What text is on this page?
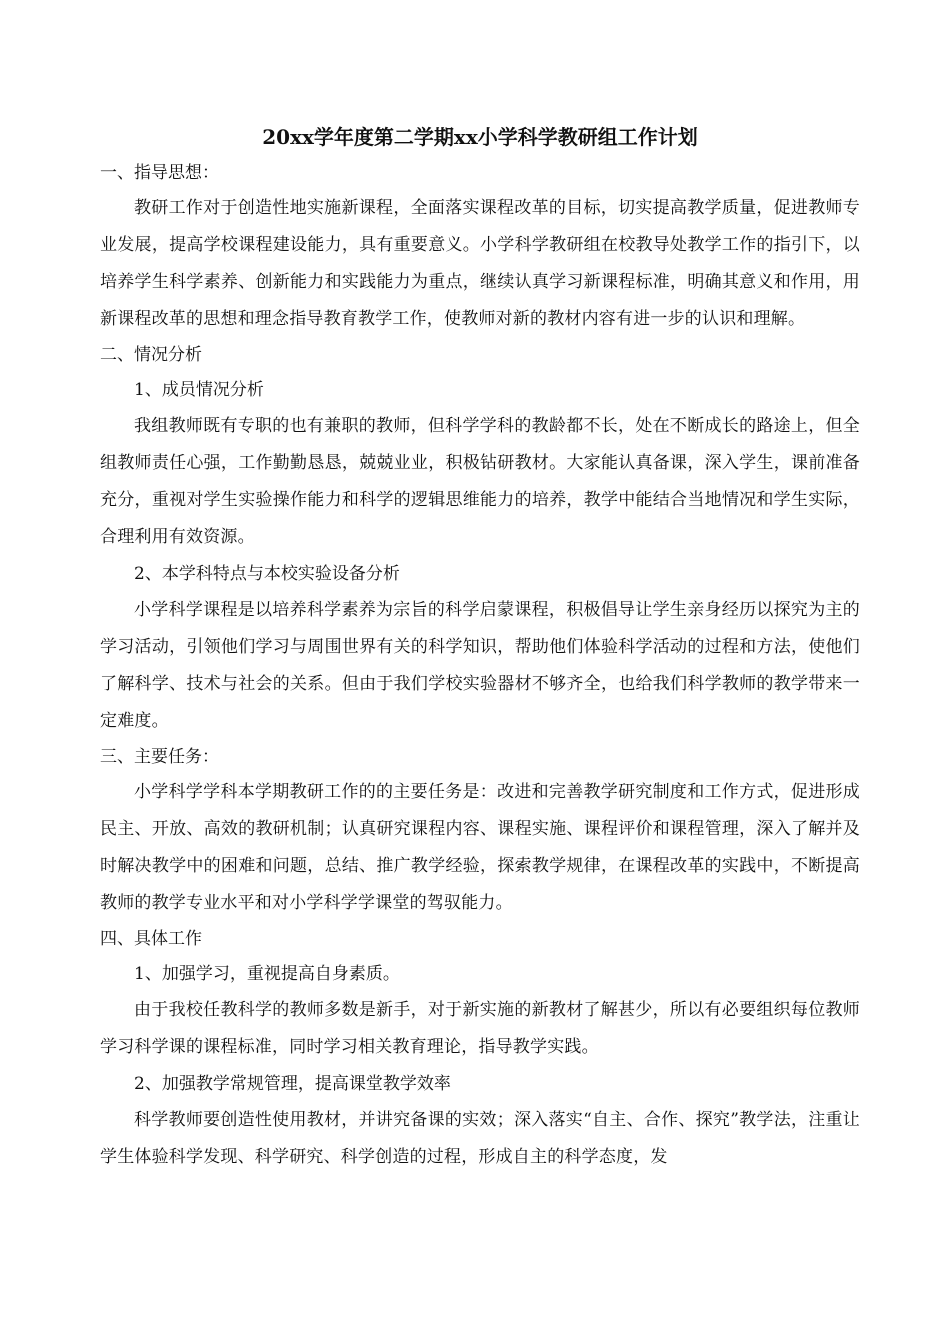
20xx学年度第二学期xx小学科学教研组工作计划
一、指导思想：

教研工作对于创造性地实施新课程，全面落实课程改革的目标，切实提高教学质量，促进教师专业发展，提高学校课程建设能力，具有重要意义。小学科学教研组在校教导处教学工作的指引下，以培养学生科学素养、创新能力和实践能力为重点，继续认真学习新课程标准，明确其意义和作用，用新课程改革的思想和理念指导教育教学工作，使教师对新的教材内容有进一步的认识和理解。

二、情况分析
1、成员情况分析

我组教师既有专职的也有兼职的教师，但科学学科的教龄都不长，处在不断成长的路途上，但全组教师责任心强，工作勤勤恳恳，兢兢业业，积极钻研教材。大家能认真备课，深入学生，课前准备充分，重视对学生实验操作能力和科学的逻辑思维能力的培养，教学中能结合当地情况和学生实际，合理利用有效资源。

2、本学科特点与本校实验设备分析

小学科学课程是以培养科学素养为宗旨的科学启蒙课程，积极倡导让学生亲身经历以探究为主的学习活动，引领他们学习与周围世界有关的科学知识，帮助他们体验科学活动的过程和方法，使他们了解科学、技术与社会的关系。但由于我们学校实验器材不够齐全，也给我们科学教师的教学带来一定难度。

三、主要任务：

小学科学学科本学期教研工作的的主要任务是：改进和完善教学研究制度和工作方式，促进形成民主、开放、高效的教研机制；认真研究课程内容、课程实施、课程评价和课程管理，深入了解并及时解决教学中的困难和问题，总结、推广教学经验，探索教学规律，在课程改革的实践中，不断提高教师的教学专业水平和对小学科学学课堂的驾驭能力。

四、具体工作
1、加强学习，重视提高自身素质。

由于我校任教科学的教师多数是新手，对于新实施的新教材了解甚少，所以有必要组织每位教师学习科学课的课程标准，同时学习相关教育理论，指导教学实践。

2、加强教学常规管理，提高课堂教学效率

科学教师要创造性使用教材，并讲究备课的实效；深入落实“自主、合作、探究”教学法，注重让学生体验科学发现、科学研究、科学创造的过程，形成自主的科学态度，发
